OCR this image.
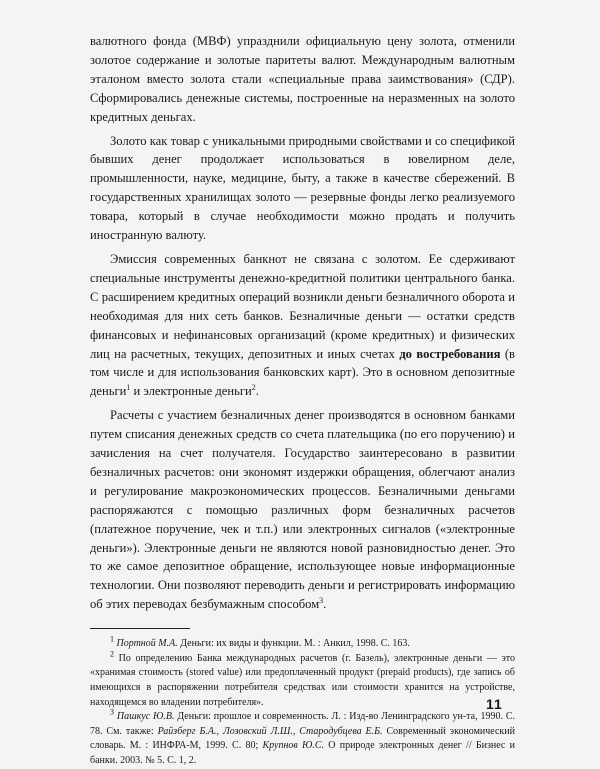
валютного фонда (МВФ) упразднили официальную цену золота, отменили золотое содержание и золотые паритеты валют. Международным валютным эталоном вместо золота стали «специальные права заимствования» (СДР). Сформировались денежные системы, построенные на неразменных на золото кредитных деньгах.

Золото как товар с уникальными природными свойствами и со спецификой бывших денег продолжает использоваться в ювелирном деле, промышленности, науке, медицине, быту, а также в качестве сбережений. В государственных хранилищах золото — резервные фонды легко реализуемого товара, который в случае необходимости можно продать и получить иностранную валюту.

Эмиссия современных банкнот не связана с золотом. Ее сдерживают специальные инструменты денежно-кредитной политики центрального банка. С расширением кредитных операций возникли деньги безналичного оборота и необходимая для них сеть банков. Безналичные деньги — остатки средств финансовых и нефинансовых организаций (кроме кредитных) и физических лиц на расчетных, текущих, депозитных и иных счетах до востребования (в том числе и для использования банковских карт). Это в основном депозитные деньги$^1$ и электронные деньги$^2$.

Расчеты с участием безналичных денег производятся в основном банками путем списания денежных средств со счета плательщика (по его поручению) и зачисления на счет получателя. Государство заинтересовано в развитии безналичных расчетов: они экономят издержки обращения, облегчают анализ и регулирование макроэкономических процессов. Безналичными деньгами распоряжаются с помощью различных форм безналичных расчетов (платежное поручение, чек и т.п.) или электронных сигналов («электронные деньги»). Электронные деньги не являются новой разновидностью денег. Это то же самое депозитное обращение, использующее новые информационные технологии. Они позволяют переводить деньги и регистрировать информацию об этих переводах безбумажным способом$^3$.

$^1$ Портной М.А. Деньги: их виды и функции. М. : Анкил, 1998. С. 163.

$^2$ По определению Банка международных расчетов (г. Базель), электронные деньги — это «хранимая стоимость (stored value) или предоплаченный продукт (prepaid products), где запись об имеющихся в распоряжении потребителя средствах или стоимости хранится на устройстве, находящемся во владении потребителя».

$^3$ Пашкус Ю.В. Деньги: прошлое и современность. Л. : Изд-во Ленинградского ун-та, 1990. С. 78. См. также: Райзберг Б.А., Лозовский Л.Ш., Стародубцева Е.Б. Современный экономический словарь. М. : ИНФРА-М, 1999. С. 80; Крупнов Ю.С. О природе электронных денег // Бизнес и банки. 2003. № 5. С. 1, 2.

11
